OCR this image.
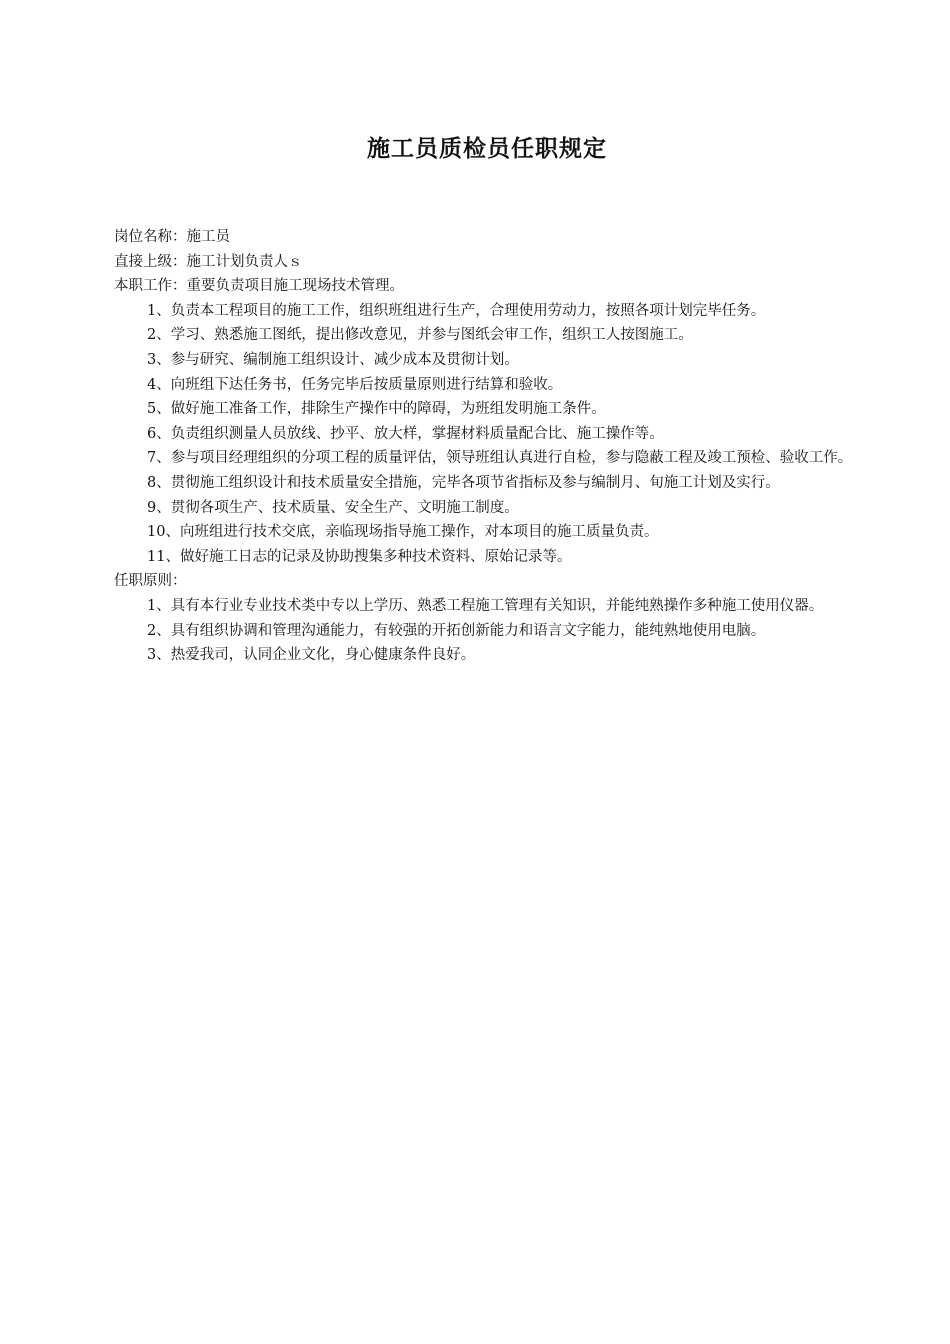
施工员质检员任职规定

岗位名称：施工员

直接上级：施工计划负责人ｓ

本职工作：重要负责项目施工现场技术管理。

1、负责本工程项目的施工工作，组织班组进行生产，合理使用劳动力，按照各项计划完毕任务。

2、学习、熟悉施工图纸，提出修改意见，并参与图纸会审工作，组织工人按图施工。

3、参与研究、编制施工组织设计、减少成本及贯彻计划。

4、向班组下达任务书，任务完毕后按质量原则进行结算和验收。

5、做好施工准备工作，排除生产操作中的障碍，为班组发明施工条件。

6、负责组织测量人员放线、抄平、放大样，掌握材料质量配合比、施工操作等。

7、参与项目经理组织的分项工程的质量评估，领导班组认真进行自检，参与隐蔽工程及竣工预检、验收工作。

8、贯彻施工组织设计和技术质量安全措施，完毕各项节省指标及参与编制月、旬施工计划及实行。

9、贯彻各项生产、技术质量、安全生产、文明施工制度。

10、向班组进行技术交底，亲临现场指导施工操作，对本项目的施工质量负责。

11、做好施工日志的记录及协助搜集多种技术资料、原始记录等。

任职原则：

1、具有本行业专业技术类中专以上学历、熟悉工程施工管理有关知识，并能纯熟操作多种施工使用仪器。

2、具有组织协调和管理沟通能力，有较强的开拓创新能力和语言文字能力，能纯熟地使用电脑。

3、热爱我司，认同企业文化，身心健康条件良好。
